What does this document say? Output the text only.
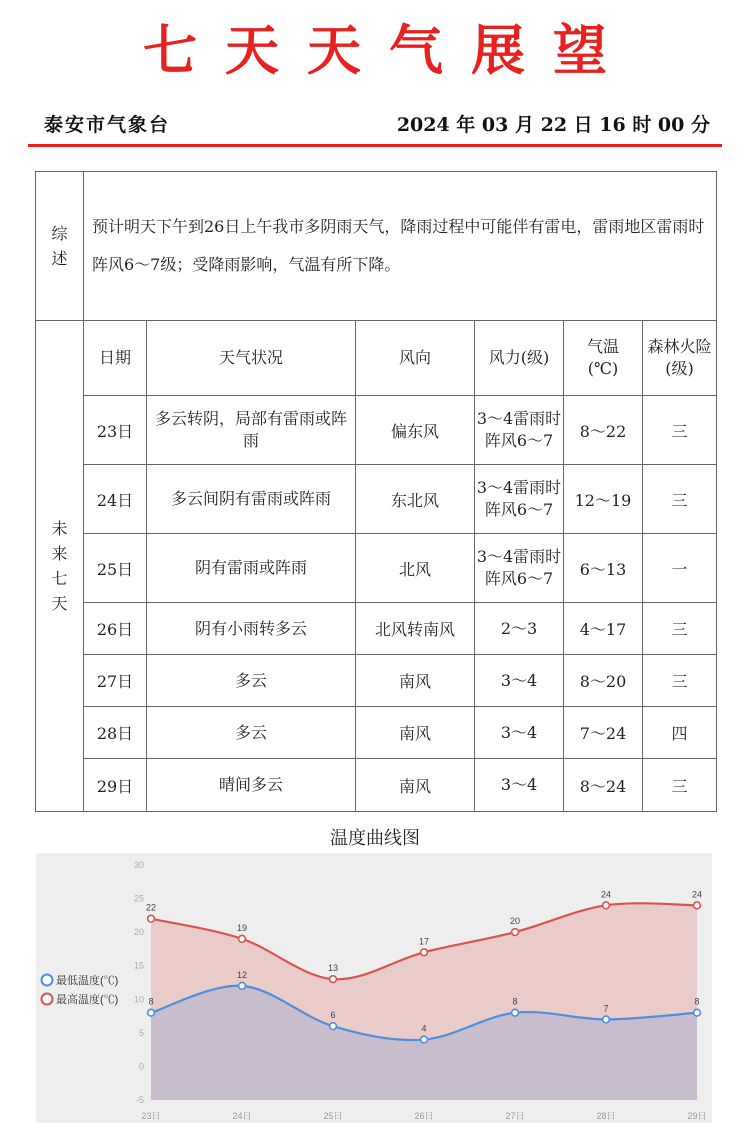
七天天气展望
泰安市气象台	2024 年 03 月 22 日 16 时 00 分
综述	预计明天下午到26日上午我市多阴雨天气，降雨过程中可能伴有雷电，雷雨地区雷雨时阵风6～7级；受降雨影响，气温有所下降。					

未来七天	日期	天气状况	风向	风力(级)	气温(℃)	森林火险(级)
	23日	多云转阴，局部有雷雨或阵雨	偏东风	3～4雷雨时阵风6～7	8～22	三
	24日	多云间阴有雷雨或阵雨	东北风	3～4雷雨时阵风6～7	12～19	三
	25日	阴有雷雨或阵雨	北风	3～4雷雨时阵风6～7	6～13	一
	26日	阴有小雨转多云	北风转南风	2～3	4～17	三
	27日	多云	南风	3～4	8～20	三
	28日	多云	南风	3～4	7～24	四
	29日	晴间多云	南风	3～4	8～24	三
温度曲线图
-5
0
5
10
15
20
25
30
23日	24日	25日	26日	27日	28日	29日
22
19
13
17
20
24	24
8
12
6
4
8
7
8
最低温度(℃)
最高温度(℃)
